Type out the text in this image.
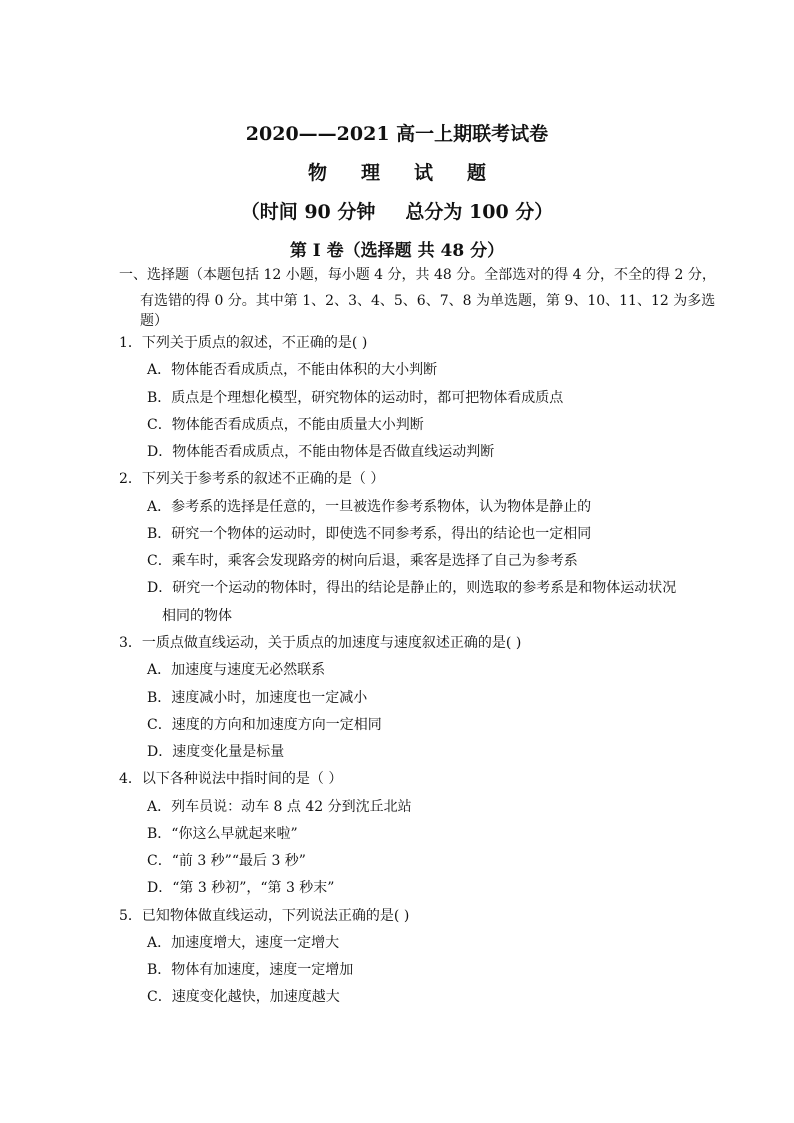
2020——2021 高一上期联考试卷
物 理 试 题
（时间 90 分钟 总分为 100 分）
第 I 卷（选择题 共 48 分）
一、选择题（本题包括 12 小题，每小题 4 分，共 48 分。全部选对的得 4 分，不全的得 2 分，
有选错的得 0 分。其中第 1、2、3、4、5、6、7、8 为单选题，第 9、10、11、12 为多选
题）
1．下列关于质点的叙述，不正确的是( )
A．物体能否看成质点，不能由体积的大小判断
B．质点是个理想化模型，研究物体的运动时，都可把物体看成质点
C．物体能否看成质点，不能由质量大小判断
D．物体能否看成质点，不能由物体是否做直线运动判断
2．下列关于参考系的叙述不正确的是（ ）
A．参考系的选择是任意的，一旦被选作参考系物体，认为物体是静止的
B．研究一个物体的运动时，即使选不同参考系，得出的结论也一定相同
C．乘车时，乘客会发现路旁的树向后退，乘客是选择了自己为参考系
D．研究一个运动的物体时，得出的结论是静止的，则选取的参考系是和物体运动状况
相同的物体
3．一质点做直线运动，关于质点的加速度与速度叙述正确的是( )
A．加速度与速度无必然联系
B．速度减小时，加速度也一定减小
C．速度的方向和加速度方向一定相同
D．速度变化量是标量
4．以下各种说法中指时间的是（ ）
A．列车员说：动车 8 点 42 分到沈丘北站
B．“你这么早就起来啦”
C．“前 3 秒”“最后 3 秒”
D．“第 3 秒初”，“第 3 秒末”
5．已知物体做直线运动，下列说法正确的是( )
A．加速度增大，速度一定增大
B．物体有加速度，速度一定增加
C．速度变化越快，加速度越大
